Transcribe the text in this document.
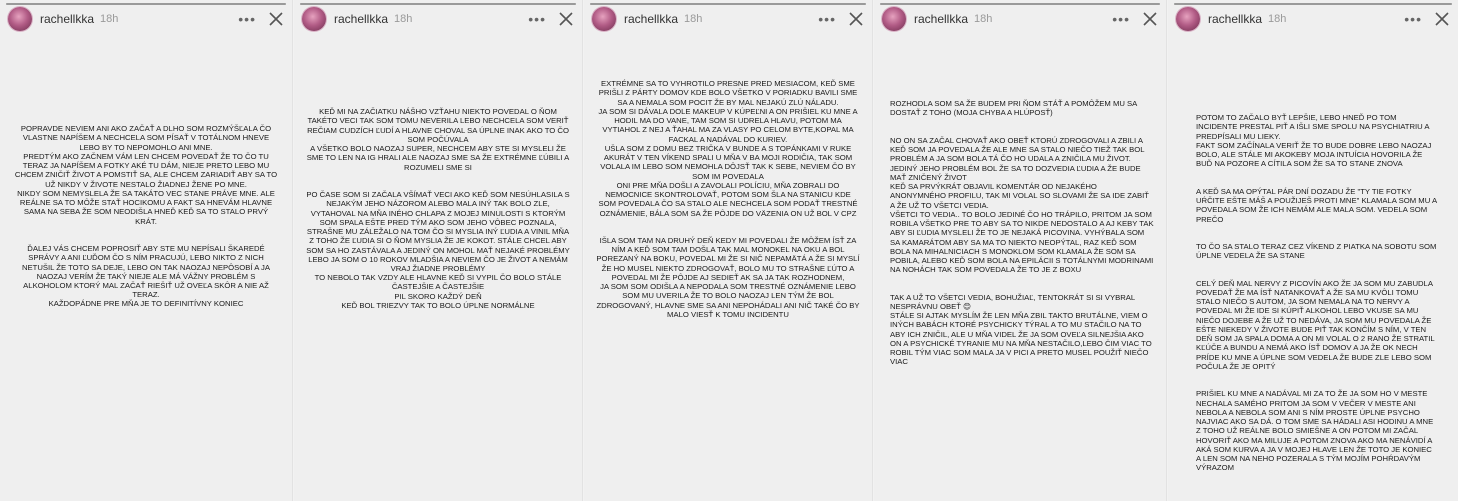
rachellkka 18h	•••

POPRAVDE NEVIEM ANI AKO ZAČAŤ A DLHO SOM ROZMÝŠĽALA ČO VLASTNE NAPÍŠEM A NECHCELA SOM PÍSAŤ V TOTÁLNOM HNEVE LEBO BY TO NEPOMOHLO ANI MNE.
PREDTÝM AKO ZAČNEM VÁM LEN CHCEM POVEDAŤ ŽE TO ČO TU TERAZ JA NAPÍŠEM A FOTKY AKÉ TU DÁM, NIEJE PRETO LEBO MU CHCEM ZNIČIŤ ŽIVOT A POMSTIŤ SA, ALE CHCEM ZARIADIŤ ABY SA TO UŽ NIKDY V ŽIVOTE NESTALO ŽIADNEJ ŽENE PO MNE.
NIKDY SOM NEMYSLELA ŽE SA TAKÁTO VEC STANE PRÁVE MNE. ALE REÁLNE SA TO MÔŽE STAŤ HOCIKOMU A FAKT SA HNEVÁM HLAVNE SAMA NA SEBA ŽE SOM NEODIŠLA HNEĎ KEĎ SA TO STALO PRVÝ KRÁT.

ĎALEJ VÁS CHCEM POPROSIŤ ABY STE MU NEPÍSALI ŠKAREDÉ SPRÁVY A ANI ĽUĎOM ČO S NÍM PRACUJÚ, LEBO NIKTO Z NICH NETUŠIL ŽE TOTO SA DEJE, LEBO ON TAK NAOZAJ NEPÔSOBÍ A JA NAOZAJ VERÍM ŽE TAKÝ NIEJE ALE MÁ VÁŽNY PROBLÉM S ALKOHOLOM KTORÝ MAL ZAČAŤ RIEŠIŤ UŽ OVEĽA SKÔR A NIE AŽ TERAZ.
KAŽDOPÁDNE PRE MŇA JE TO DEFINITÍVNY KONIEC

rachellkka 18h	•••

KEĎ MI NA ZAČIATKU NÁŠHO VZŤAHU NIEKTO POVEDAL O ŇOM TAKÉTO VECI TAK SOM TOMU NEVERILA LEBO NECHCELA SOM VERIŤ REČIAM CUDZÍCH ĽUDÍ A HLAVNE CHOVAL SA ÚPLNE INAK AKO TO ČO SOM POČÚVALA
A VŠETKO BOLO NAOZAJ SUPER, NECHCEM ABY STE SI MYSLELI ŽE SME TO LEN NA IG HRALI ALE NAOZAJ SME SA ŽE EXTRÉMNE ĽÚBILI A ROZUMELI SME SI

PO ČASE SOM SI ZAČALA VŠÍMAŤ VECI AKO KEĎ SOM NESÚHLASILA S NEJAKÝM JEHO NÁZOROM ALEBO MALA INÝ TAK BOLO ZLE, VYTAHOVAL NA MŇA INÉHO CHLAPA Z MOJEJ MINULOSTI S KTORÝM SOM SPALA EŠTE PRED TÝM AKO SOM JEHO VÔBEC POZNALA, STRAŠNE MU ZÁLEŽALO NA TOM ČO SI MYSLIA INÝ ĽUDIA A VINIL MŇA Z TOHO ŽE ĽUDIA SI O ŇOM MYSLIA ŽE JE KOKOT. STÁLE CHCEL ABY SOM SA HO ZASTÁVALA A JEDINÝ ON MOHOL MAŤ NEJAKÉ PROBLÉMY LEBO JA SOM O 10 ROKOV MLADŠIA A NEVIEM ČO JE ŽIVOT A NEMÁM VRAJ ŽIADNE PROBLÉMY
TO NEBOLO TAK VZDY ALE HLAVNE KEĎ SI VYPIL ČO BOLO STÁLE ČASTEJŠIE A ČASTEJŠIE
PIL SKORO KAŽDÝ DEŇ
KEĎ BOL TRIEZVY TAK TO BOLO ÚPLNE NORMÁLNE

rachellkka 18h	•••

EXTRÉMNE SA TO VYHROTILO PRESNE PRED MESIACOM, KEĎ SME PRIŠLI Z PÁRTY DOMOV KDE BOLO VŠETKO V PORIADKU BAVILI SME SA A NEMALA SOM POCIT ŽE BY MAL NEJAKÚ ZLÚ NÁLADU.
JA SOM SI DÁVALA DOLE MAKEUP V KÚPEĽNI A ON PRIŠIEL KU MNE A HODIL MA DO VANE, TAM SOM SI UDRELA HLAVU, POTOM MA VYTIAHOL Z NEJ A ŤAHAL MA ZA VLASY PO CELOM BYTE,KOPAL MA FACKAL A NADÁVAL DO KURIEV.
UŠLA SOM Z DOMU BEZ TRIČKA V BUNDE A S TOPÁNKAMI V RUKE AKURÁT V TEN VÍKEND SPALI U MŇA V BA MOJI RODIČIA, TAK SOM VOLALA IM LEBO SOM NEMOHLA DÔJSŤ TAK K SEBE, NEVIEM ČO BY SOM IM POVEDALA
ONI PRE MŇA DOŠLI A ZAVOLALI POLÍCIU, MŇA ZOBRALI DO NEMOCNICE SKONTROLOVAŤ, POTOM SOM ŠLA NA STANICU KDE SOM POVEDALA ČO SA STALO ALE NECHCELA SOM PODAŤ TRESTNÉ OZNÁMENIE, BÁLA SOM SA ŽE PÔJDE DO VÄZENIA ON UŽ BOL V CPZ

IŠLA SOM TAM NA DRUHÝ DEŇ KEDY MI POVEDALI ŽE MÔŽEM ÍSŤ ZA NÍM A KEĎ SOM TAM DOŠLA TAK MAL MONOKEL NA OKU A BOL POREZANÝ NA BOKU, POVEDAL MI ŽE SI NIČ NEPAMÄTÁ A ŽE SI MYSLÍ ŽE HO MUSEL NIEKTO ZDROGOVAŤ, BOLO MU TO STRAŠNE ĽÚTO A POVEDAL MI ŽE PÔJDE AJ SEDIEŤ AK SA JA TAK ROZHODNEM,
JA SOM SOM ODIŠLA A NEPODALA SOM TRESTNÉ OZNÁMENIE LEBO SOM MU UVERILA ŽE TO BOLO NAOZAJ LEN TÝM ŽE BOL ZDROGOVANÝ, HLAVNE SME SA ANI NEPOHÁDALI ANI NIČ TAKÉ ČO BY MALO VIESŤ K TOMU INCIDENTU

rachellkka 18h	•••

ROZHODLA SOM SA ŽE BUDEM PRI ŇOM STÁŤ A POMÔŽEM MU SA DOSTAŤ Z TOHO (MOJA CHYBA A HLÚPOSŤ)

NO ON SA ZAČAL CHOVAŤ AKO OBEŤ KTORÚ ZDROGOVALI A ZBILI A KEĎ SOM JA POVEDALA ŽE ALE MNE SA STALO NIEČO TIEŽ TAK BOL PROBLÉM A JA SOM BOLA TÁ ČO HO UDALA A ZNIČILA MU ŽIVOT. JEDINÝ JEHO PROBLÉM BOL ŽE SA TO DOZVEDIA ĽUDIA A ŽE BUDE MAŤ ZNIČENÝ ŽIVOT
KEĎ SA PRVÝKRÁT OBJAVIL KOMENTÁR OD NEJAKÉHO ANONYMNÉHO PROFILU, TAK MI VOLAL SO SLOVAMI ŽE SA IDE ZABIŤ A ŽE UŽ TO VŠETCI VEDIA.
VŠETCI TO VEDIA.. TO BOLO JEDINÉ ČO HO TRÁPILO, PRITOM JA SOM ROBILA VŠETKO PRE TO ABY SA TO NIKDE NEDOSTALO A AJ KEBY TAK ABY SI ĽUDIA MYSLELI ŽE TO JE NEJAKÁ PICOVINA. VYHÝBALA SOM SA KAMARÁTOM ABY SA MA TO NIEKTO NEOPÝTAL, RAZ KEĎ SOM BOLA NA MIHALNICIACH S MONOKLOM SOM KLAMALA ŽE SOM SA POBILA, ALEBO KEĎ SOM BOLA NA EPILÁCII S TOTÁLNYMI MODRINAMI NA NOHÁCH TAK SOM POVEDALA ŽE TO JE Z BOXU

TAK A UŽ TO VŠETCI VEDIA, BOHUŽIAĽ, TENTOKRÁT SI SI VYBRAL NESPRÁVNU OBEŤ 😊
STÁLE SI AJTAK MYSLÍM ŽE LEN MŇA ZBIL TAKTO BRUTÁLNE, VIEM O INÝCH BABÁCH KTORÉ PSYCHICKY TÝRAL A TO MU STAČILO NA TO ABY ICH ZNIČIL, ALE U MŇA VIDEL ŽE JA SOM OVEĽA SILNEJŠIA AKO ON A PSYCHICKÉ TYRANIE MU NA MŇA NESTAČILO,LEBO ČIM VIAC TO ROBIL TÝM VIAC SOM MALA JA V PICI A PRETO MUSEL POUŽIŤ NIEČO VIAC

rachellkka 18h	•••

POTOM TO ZAČALO BYŤ LEPŠIE, LEBO HNEĎ PO TOM INCIDENTE PRESTAL PIŤ A IŠLI SME SPOLU NA PSYCHIATRIU A PREDPÍSALI MU LIEKY.
FAKT SOM ZAČÍNALA VERIŤ ŽE TO BUDE DOBRE LEBO NAOZAJ BOLO, ALE STÁLE MI AKOKEBY MOJA INTUÍCIA HOVORILA ŽE BUĎ NA POZORE A CÍTILA SOM ŽE SA TO STANE ZNOVA

A KEĎ SA MA OPÝTAL PÁR DNÍ DOZADU ŽE "TY TIE FOTKY UŔČITE EŠTE MÁŠ A POUŽIJEŠ PROTI MNE" KLAMALA SOM MU A POVEDALA SOM ŽE ICH NEMÁM ALE MALA SOM. VEDELA SOM PREČO

TO ČO SA STALO TERAZ CEZ VÍKEND Z PIATKA NA SOBOTU SOM ÚPLNE VEDELA ŽE SA STANE

CELÝ DEŇ MAL NERVY Z PICOVÍN AKO ŽE JA SOM MU ZABUDLA POVEDAŤ ŽE MA ÍSŤ NATANKOVAŤ A ŽE SA MU KVÔLI TOMU STALO NIEČO S AUTOM, JA SOM NEMALA NA TO NERVY A POVEDAL MI ŽE IDE SI KÚPIŤ ALKOHOL LEBO VKUSE SA MU NIEČO DOJEBE A ŽE UŽ TO NEDÁVA, JA SOM MU POVEDALA ŽE EŠTE NIEKEDY V ŽIVOTE BUDE PIŤ TAK KONČÍM S NÍM, V TEN DEŇ SOM JA SPALA DOMA A ON MI VOLAL O 2 RANO ŽE STRATIL KĽÚČE A BUNDU A NEMÁ AKO ÍSŤ DOMOV A JA ŽE OK NECH PRÍDE KU MNE A ÚPLNE SOM VEDELA ŽE BUDE ZLE LEBO SOM POČUL​A ŽE JE OPITÝ

PRIŠIEL KU MNE A NADÁVAL MI ZA TO ŽE JA SOM HO V MESTE NECHALA SAMÉHO PRITOM JA SOM V VEČER V MESTE ANI NEBOLA A NEBOLA SOM ANI S NÍM PROSTE ÚPLNE PSYCHO NAJVIAC AKO SA DÁ. O TOM SME SA HÁDALI ASI HODINU A MNE Z TOHO UŽ REÁLNE BOLO SMIEŠNE A ON POTOM MI ZAČAL HOVORIŤ AKO MA MILUJE A POTOM ZNOVA AKO MA NENÁVIDÍ A AKÁ SOM KURVA A JA V MOJEJ HLAVE LEN ŽE TOTO JE KONIEC A LEN SOM NA NEHO POZERALA S TÝM MOJÍM POHŔDAVÝM VÝRAZOM
